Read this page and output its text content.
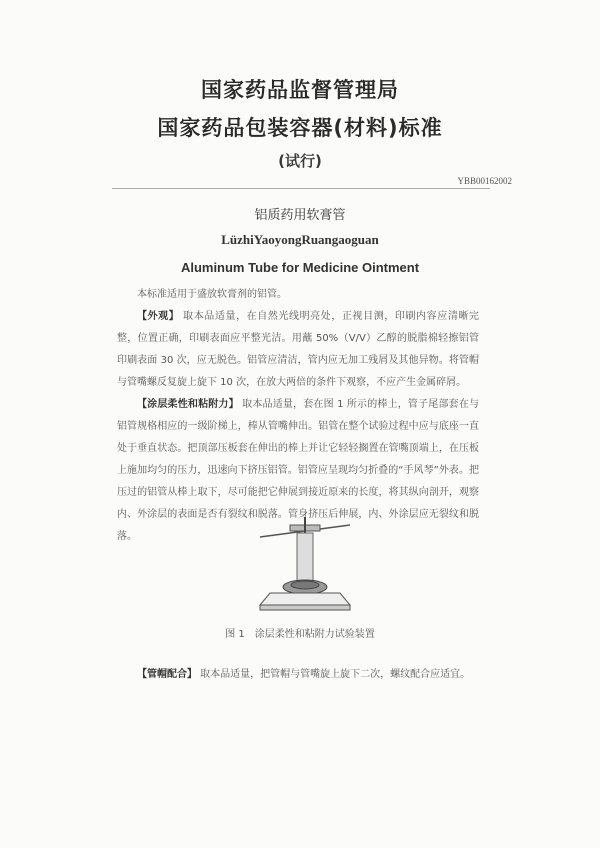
国家药品监督管理局
国家药品包装容器(材料)标准
(试行)
YBB00162002
铝质药用软膏管
LüzhiYaoyongRuangaoguan
Aluminum Tube for Medicine Ointment

本标准适用于盛放软膏剂的铝管。

【外观】 取本品适量，在自然光线明亮处，正视目测，印刷内容应清晰完整，位置正确，印刷表面应平整光洁。用蘸 50%（V/V）乙醇的脱脂棉轻擦铝管印刷表面 30 次，应无脱色。铝管应清洁，管内应无加工残屑及其他异物。将管帽与管嘴螺反复旋上旋下 10 次，在放大两倍的条件下观察，不应产生金属碎屑。

【涂层柔性和粘附力】 取本品适量，套在图 1 所示的棒上，管子尾部套在与铝管规格相应的一级阶梯上，棒从管嘴伸出。铝管在整个试验过程中应与底座一直处于垂直状态。把顶部压板套在伸出的棒上并让它轻轻搁置在管嘴顶端上，在压板上施加均匀的压力，迅速向下挤压铝管。铝管应呈现均匀折叠的“手风琴”外表。把压过的铝管从棒上取下，尽可能把它伸展到接近原来的长度，将其纵向剖开，观察内、外涂层的表面是否有裂纹和脱落。管身挤压后伸展，内、外涂层应无裂纹和脱落。

图 1　涂层柔性和粘附力试验装置

【管帽配合】 取本品适量，把管帽与管嘴旋上旋下二次，螺纹配合应适宜。
